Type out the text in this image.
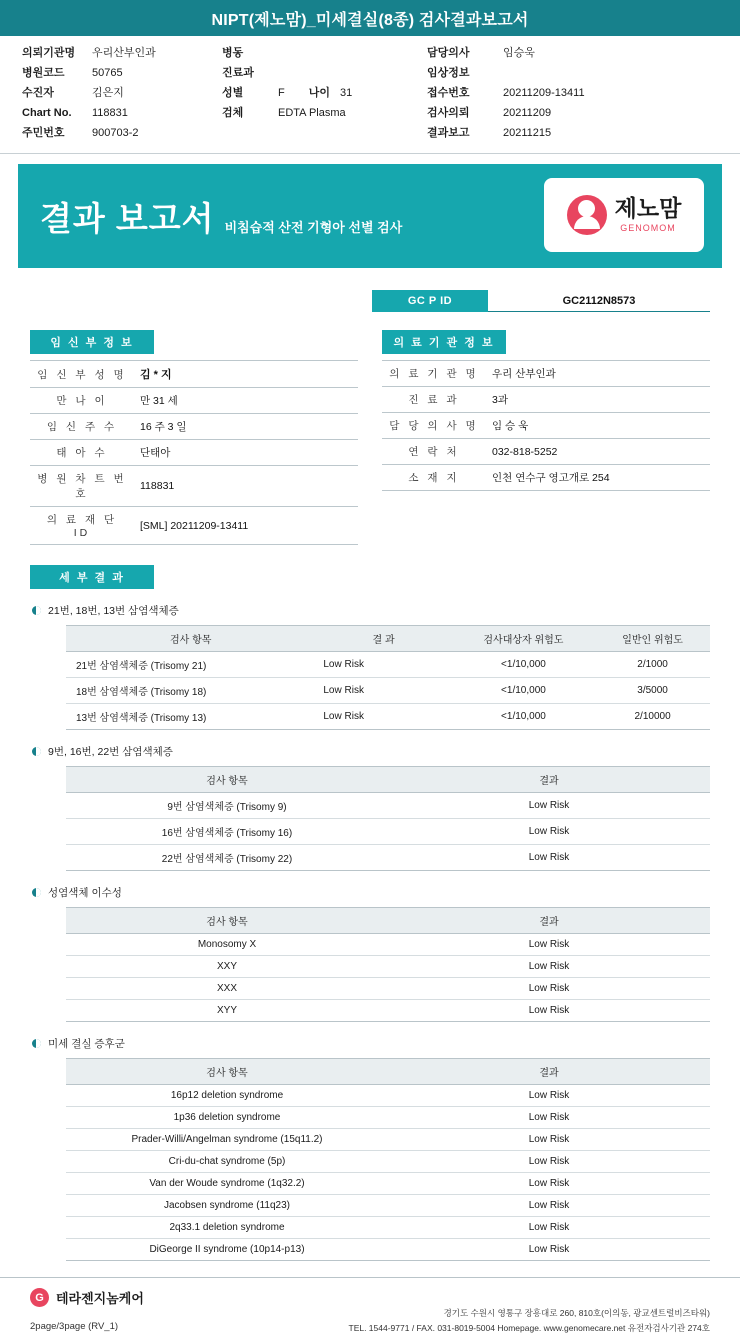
NIPT(제노맘)_미세결실(8종) 검사결과보고서
의뢰기관명	우리산부인과
병원코드	50765
수진자	김은지
Chart No.	118831
주민번호	900703-2
병동
진료과
성별	F 나이 31
검체	EDTA Plasma
담당의사	임승욱
임상정보
접수번호	20211209-13411
검사의뢰	20211209
결과보고	20211215
결과 보고서 비침습적 산전 기형아 선별 검사
제노맘
GENOMOM
GC P ID	GC2112N8573
임 신 부 정 보
임 신 부 성 명	김 * 지
만 나 이	만 31 세
임 신 주 수	16 주 3 일
태 아 수	단태아
병 원 차 트 번 호	118831
의 료 재 단 ID	[SML] 20211209-13411
의 료 기 관 정 보
의 료 기 관 명	우리 산부인과
진 료 과	3과
담 당 의 사 명	임 승 욱
연 락 처	032-818-5252
소 재 지	인천 연수구 영고개로 254
세 부 결 과
21번, 18번, 13번 삼염색체증
검사 항목	결 과	검사대상자 위험도	일반인 위험도
21번 삼염색체증 (Trisomy 21)	Low Risk	<1/10,000	2/1000
18번 삼염색체증 (Trisomy 18)	Low Risk	<1/10,000	3/5000
13번 삼염색체증 (Trisomy 13)	Low Risk	<1/10,000	2/10000
9번, 16번, 22번 삼염색체증
검사 항목	결과
9번 삼염색체증 (Trisomy 9)	Low Risk
16번 삼염색체증 (Trisomy 16)	Low Risk
22번 삼염색체증 (Trisomy 22)	Low Risk
성염색체 이수성
검사 항목	결과
Monosomy X	Low Risk
XXY	Low Risk
XXX	Low Risk
XYY	Low Risk
미세 결실 증후군
검사 항목	결과
16p12 deletion syndrome	Low Risk
1p36 deletion syndrome	Low Risk
Prader-Willi/Angelman syndrome (15q11.2)	Low Risk
Cri-du-chat syndrome (5p)	Low Risk
Van der Woude syndrome (1q32.2)	Low Risk
Jacobsen syndrome (11q23)	Low Risk
2q33.1 deletion syndrome	Low Risk
DiGeorge II syndrome (10p14-p13)	Low Risk
G 테라젠지놈케어
2page/3page (RV_1)
경기도 수원시 영통구 장흥대로 260, 810호(이의동, 광교센트럴비즈타워)
TEL. 1544-9771 / FAX. 031-8019-5004 Homepage. www.genomecare.net 유전자검사기관 274호
